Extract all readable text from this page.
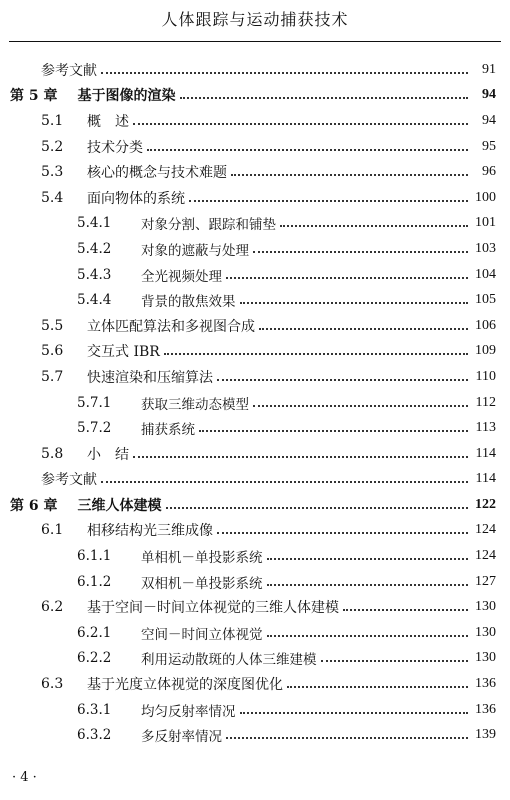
人体跟踪与运动捕获技术
参考文献	91
第 5 章 基于图像的渲染	94
5.1	概　述	94
5.2	技术分类	95
5.3	核心的概念与技术难题	96
5.4	面向物体的系统	100
5.4.1	对象分割、跟踪和铺垫	101
5.4.2	对象的遮蔽与处理	103
5.4.3	全光视频处理	104
5.4.4	背景的散焦效果	105
5.5	立体匹配算法和多视图合成	106
5.6	交互式 IBR	109
5.7	快速渲染和压缩算法	110
5.7.1	获取三维动态模型	112
5.7.2	捕获系统	113
5.8	小　结	114
参考文献	114
第 6 章 三维人体建模	122
6.1	相移结构光三维成像	124
6.1.1	单相机－单投影系统	124
6.1.2	双相机－单投影系统	127
6.2	基于空间－时间立体视觉的三维人体建模	130
6.2.1	空间－时间立体视觉	130
6.2.2	利用运动散斑的人体三维建模	130
6.3	基于光度立体视觉的深度图优化	136
6.3.1	均匀反射率情况	136
6.3.2	多反射率情况	139
· 4 ·
